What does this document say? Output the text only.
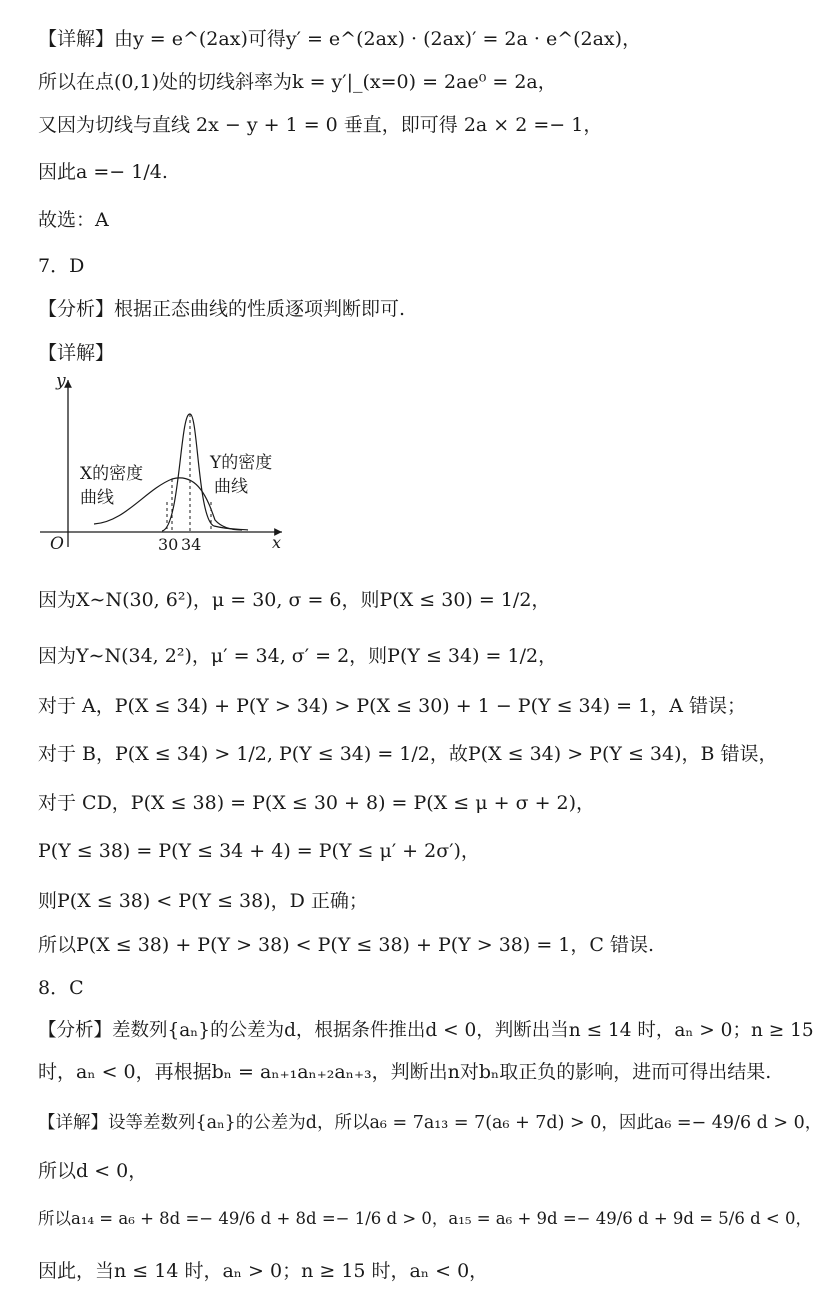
【详解】由y = e^(2ax)可得y′ = e^(2ax) · (2ax)′ = 2a · e^(2ax)，
所以在点(0,1)处的切线斜率为k = y′|_(x=0) = 2ae⁰ = 2a，
又因为切线与直线 2x − y + 1 = 0 垂直，即可得 2a × 2 =− 1，
因此a =− 1/4.
故选：A
7．D
【分析】根据正态曲线的性质逐项判断即可.
【详解】
y
x
O	30 34
X的密度
曲线
Y的密度
曲线
因为X∼N(30, 6²)，μ = 30, σ = 6，则P(X ≤ 30) = 1/2，
因为Y∼N(34, 2²)，μ′ = 34, σ′ = 2，则P(Y ≤ 34) = 1/2，
对于 A，P(X ≤ 34) + P(Y > 34) > P(X ≤ 30) + 1 − P(Y ≤ 34) = 1，A 错误；
对于 B，P(X ≤ 34) > 1/2, P(Y ≤ 34) = 1/2，故P(X ≤ 34) > P(Y ≤ 34)，B 错误，
对于 CD，P(X ≤ 38) = P(X ≤ 30 + 8) = P(X ≤ μ + σ + 2)，
P(Y ≤ 38) = P(Y ≤ 34 + 4) = P(Y ≤ μ′ + 2σ′)，
则P(X ≤ 38) < P(Y ≤ 38)，D 正确；
所以P(X ≤ 38) + P(Y > 38) < P(Y ≤ 38) + P(Y > 38) = 1，C 错误.
8．C
【分析】差数列{aₙ}的公差为d，根据条件推出d < 0，判断出当n ≤ 14 时，aₙ > 0；n ≥ 15
时，aₙ < 0，再根据bₙ = aₙ₊₁aₙ₊₂aₙ₊₃，判断出n对bₙ取正负的影响，进而可得出结果.
【详解】设等差数列{aₙ}的公差为d，所以a₆ = 7a₁₃ = 7(a₆ + 7d) > 0，因此a₆ =− 49/6 d > 0，
所以d < 0，
所以a₁₄ = a₆ + 8d =− 49/6 d + 8d =− 1/6 d > 0，a₁₅ = a₆ + 9d =− 49/6 d + 9d = 5/6 d < 0，
因此，当n ≤ 14 时，aₙ > 0；n ≥ 15 时，aₙ < 0，
